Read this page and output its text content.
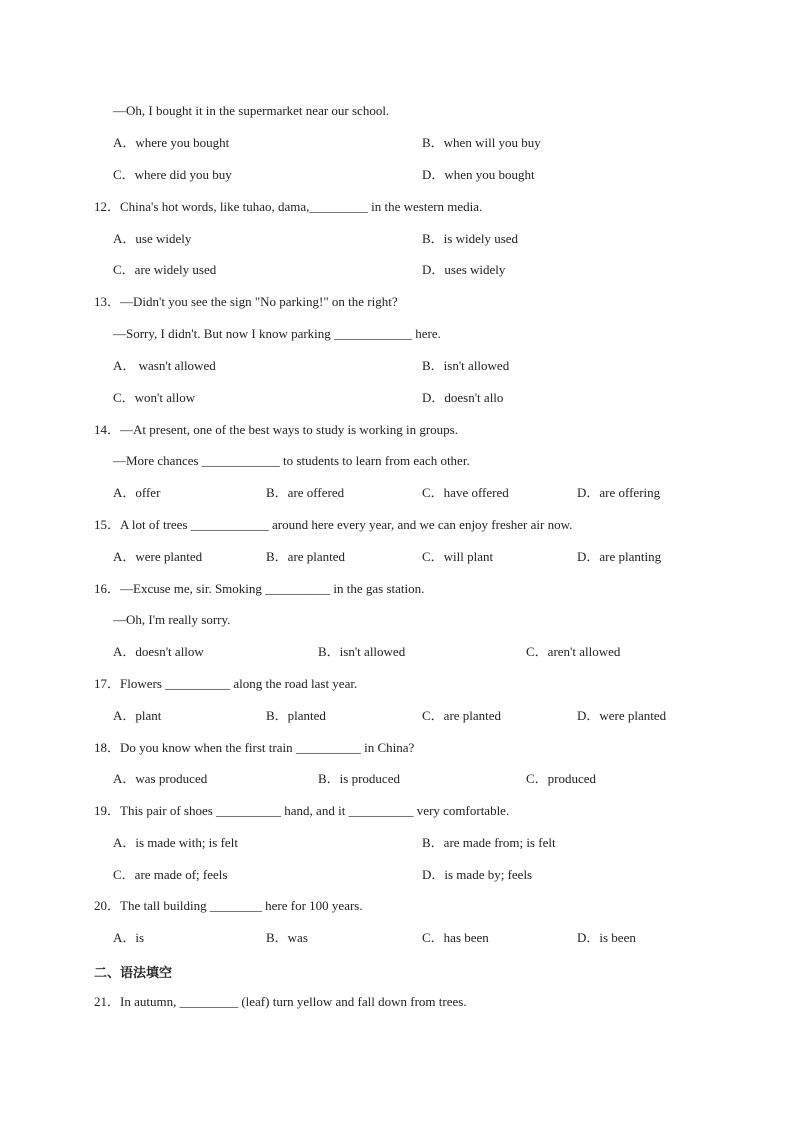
—Oh, I bought it in the supermarket near our school.
A．where you bought	B．when will you buy
C．where did you buy	D．when you bought
12．China's hot words, like tuhao, dama,_________ in the western media.
A．use widely	B．is widely used
C．are widely used	D．uses widely
13．—Didn't you see the sign "No parking!" on the right?
—Sorry, I didn't. But now I know parking ____________ here.
A． wasn't allowed	B．isn't allowed
C．won't allow	D．doesn't allo
14．—At present, one of the best ways to study is working in groups.
—More chances ____________ to students to learn from each other.
A．offer	B．are offered	C．have offered	D．are offering
15．A lot of trees ____________ around here every year, and we can enjoy fresher air now.
A．were planted	B．are planted	C．will plant	D．are planting
16．—Excuse me, sir. Smoking __________ in the gas station.
—Oh, I'm really sorry.
A．doesn't allow	B．isn't allowed	C．aren't allowed
17．Flowers __________ along the road last year.
A．plant	B．planted	C．are planted	D．were planted
18．Do you know when the first train __________ in China?
A．was produced	B．is produced	C．produced
19．This pair of shoes __________ hand, and it __________ very comfortable.
A．is made with; is felt	B．are made from; is felt
C．are made of; feels	D．is made by; feels
20．The tall building ________ here for 100 years.
A．is	B．was	C．has been	D．is been
二、语法填空
21．In autumn, _________ (leaf) turn yellow and fall down from trees.
